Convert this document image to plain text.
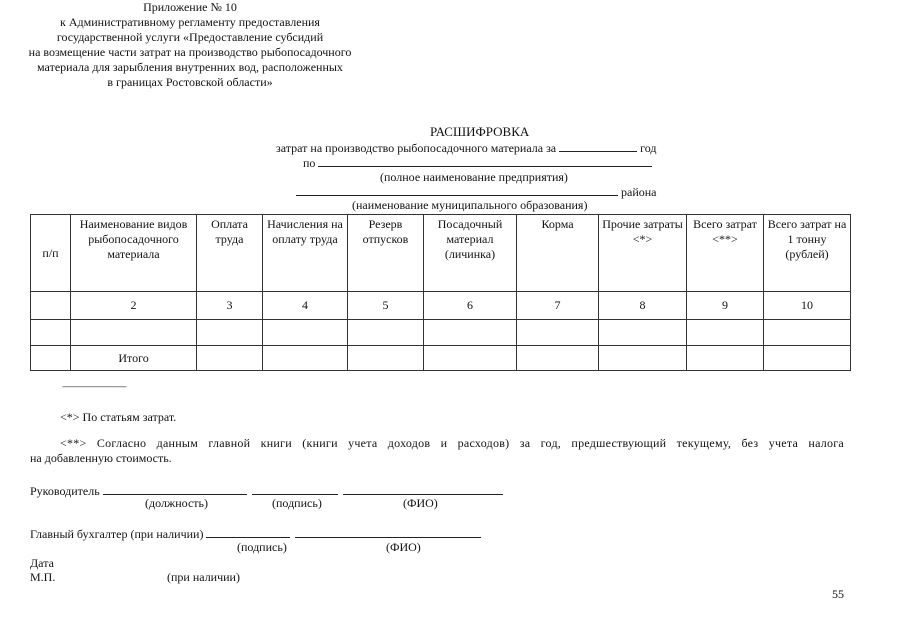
Приложение № 10
к Административному регламенту предоставления
государственной услуги «Предоставление субсидий
на возмещение части затрат на производство рыбопосадочного
материала для зарыбления внутренних вод, расположенных
в границах Ростовской области»
РАСШИФРОВКА
затрат на производство рыбопосадочного материала за	год
по
(полное наименование предприятия)
района
(наименование муниципального образования)
п/п	Наименование видов рыбопосадочного материала	Оплата труда	Начисления на оплату труда	Резерв отпусков	Посадочный материал (личинка)	Корма	Прочие затраты <*>	Всего затрат <**>	Всего затрат на 1 тонну (рублей)
	2	3	4	5	6	7	8	9	10

	Итого								
--------------------------------
<*> По статьям затрат.
<**> Согласно данным главной книги (книги учета доходов и расходов) за год, предшествующий текущему, без учета налога
на добавленную стоимость.
Руководитель
(должность)	(подпись)	(ФИО)
Главный бухгалтер (при наличии)
(подпись)	(ФИО)
Дата
М.П.	(при наличии)
55
